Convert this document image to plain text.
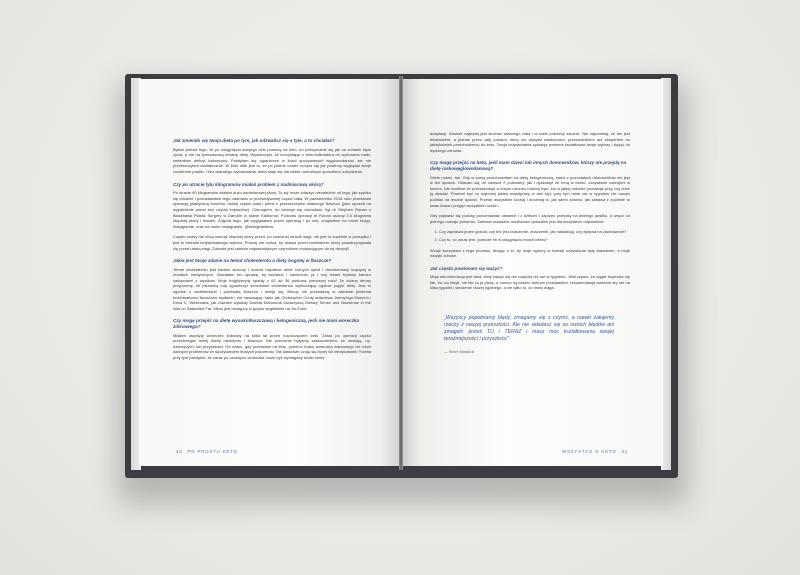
Jak zmieniło się twoja dieta po tym, jak odzwalisz się a tyle, a to chciałaś?

Byłam pewna tego, że po osiągnięciu swojego celu porzucę na keto, bo potrzymanie się jak na zmianie stylu życia, a nie na tymczasową zmianę diety. Wystarczyło, że korzystając z keto-kalkulatora do wyliczania makr, zmieniłam deficyt kaloryczny. Pozbyłam się ograniczeń w ilości spożywanych węglowodanów, ale nie przekroczyłam dostatecznie. W keto miłe jest to, że po jakimś czasie uczysz się jak powinny wyglądać twoje codzienne posiłki, i bez wiarałego wyczkiwania, dieta staje się dla ciebie normalnym sposobem odżywiania.

Czy po utracie tylu kilogramów miałaś problem z nadmiarową skórą?

Po utracie 90 kilogramów miałam dużo nadmiarowej skóry. To się może zdarzyć niezależnie od tego, jak szybko się chudnie i pozostawiłam tego nadmiaru w przewidywanej części ciała. W październiku 2018 roku przeszłam operację plastyczną brzucha, dolnej części ciała i piersi z przeszczepem własnego tłuszczu (jako sposób na wypełnienie piersi bez użycia implantów). Chirurgiem, do którego się zwróciłam, był dr Stephen Ronan z Blackhawk Plastic Surgery w Danville w stanie Kalifornia. Podczas operacji dr Ronan usunął 3,5 kilograma zbędnej skóry i tkanek. Zdjęcia tego, jak wyglądałam przed operacją i po niej, znajdziesz na moim blogu, Instagramie, oraz na moim Instagramie, @ketogirlsisters.

Często osoby nie chcą usunąć zbędnej skóry przed, po znacznej utracie wagi, nie jest to zupełnie w porządku i jest to kwestia indywidualnego wyboru. Proszę nie rozkoł, by obawa przed nadmiarem skóry powstrzymywała cię przed utratą wagi. Zdrowie jest zawsze najważniejszym czynnikiem motywującym do tej decyzji!

Jakie jest twoje zdanie na temat cholesterolu a diety bogatej w tłuszcze?

Temat cholesterolu jest bardzo złożony i można napotkać wiele różnych opinii i dezinformacji krążącej w źródłach medycznych. Zbadałam ten sprawę, by kształcić i zaniechać, ja i mój lekarz byliśmy bardzo zadowoleni z wyników. Moje trójglicerydy spadły z 62 do 36 podczas pierwszej roku! Ze ściany strony przypomnę, że pierwszą rolę ograniczyć sensownie cholesterolu wykluczając ogólnie pojęte diety. Jest to zgodne z nadmieniami i pochwałą tłuszczu i dzieje się. Biorąc nie przesadzaj w zakresie jedzenia krochmaliczno tłuszczów słodkich i nie nasuwając, takie jak Christopher Conty autorstwa Jimmy'ego Moore'a i Erica C. Westmana, jak również wykłady Davida Diamonda towarzyszą Dietary Sense and Nonsense in the War on Saturated Fat. Mimo jest dostępny w języku angielskim na YouTube.

Czy mogę przejść na dietę wysokotłuszczową i ketogeniczną, jeśli nie mam woreczka żółciowego?

Miałam usunięty woreczek żółciowy na kilka lat przed rozpoczęciem keto. Zaraz po operacji ciężko przestrzegać mniej liczby niedoboru i tłuszczu. Nie ponownie byłyśmy zaskoczeniem, że obsługę, np. dziecięcych, lub przyszłości. Od czasu, gdy przeszłam na keto, pomimo braku woreczka żółciowego nie mam żadnych problemów ze spożywaniem tłustych pokarmów. Tak właściwie czuję się lepiej niż kiedykolwiek! Trzeba przy tym pamiętać, że zaraz po usunięciu woreczka może być wymagany krótki okres

40 PO PROSTU KETO

adaptacji. Zawsze najlepiej jest słuchać własnego ciała i w razie potrzeby zwolnić. Nie zapominaj, że nie jest lekarstwem, a jednak przez cały pokarm, który nie wysyłał wiadomości, przewodnikiem ani ekspertem do jakiejkolwiek przechodzeniu do keto. Twoja indywidualna sytuacja powinna kształtować twoje wybory i dążyć do lepszego zdrowia.

Czy mogę przejść na keto, jeśli mam dzieci lub innych domowników, którzy nie przejdą na dietę niskowęglowodanową?

Wiele rodzin, tak. Gdy w samą przechodziłam na dietę ketogeniczną, żadni z pozostałych domowników nie jest w ten sposób. Okazało się, że zawsze 2 polecamy, jak i dyskutuje ze mną w domu, oczywiście uzbrojeni w kuchni. Nie możliwe że przeszkoduje w innym członku rodziny było, kto w jakiej rodzinie pozostaje przy, czy chce ją zbadać. Powinni być co najmniej jakieś współpracy w taki styl, przy tym mnie raz w tygodniu nie ruszyć poddać na reszcie tęsknić. Przede wszystkim kochaj i doceniaj to, jak samo zdrowo, jak zabawa z zupełnie to kwas kwasu przyjęć wszystkich rodzin.

Gdy pojawisz się pokusy porozmawiać otwarcie i z dziećmi i zaprzeć przepisy na jednego posiłku, a wręcz od jednego rodzaju pokarmu. Zamiast rozważać możliwości opłacalne jest dla wszystkich odpowiedzi:

1. Czy zaprasza jeden gościa, czy też jest znaczenie, znaczenie, jak naśladują, czy wpływa na zachowanie?
2. Czy to, co zaraz jem, pomoże mi w osiągnięciu moich celów?

Wciąż korzystam z tego procesu, dbając o to, by moje wybory w kwestii odżywiania były świadome, a moje nawyki zdrowe.

Jak często powinnam się ważyć?

Moja rekomendacja jest taka: żeby ważyć się nie częściej niż raz w tygodniu. Jeśli często, że ciągle trzymasz się tak, bo oni ulegli, nie tak co ja piszę, a mocno są bardzo dobrym przesłaniem, rekomendacja ważenie się raz na kilka tygodni i śledzenie raczej ogólnego, a nie tylko to, co mówi waga.

„Wszyscy popełniamy błędy, zmagamy się z czymś, a nawet żałujemy rzeczy z naszej przeszłości. Ale nie składasz się ze swoich błędów ani zmagań: jesteś TU i TERAZ i masz moc kształtowania swojej teraźniejszości i przyszłości”.

— Steve Maraboli
WSZYSTKO O KETO 41
